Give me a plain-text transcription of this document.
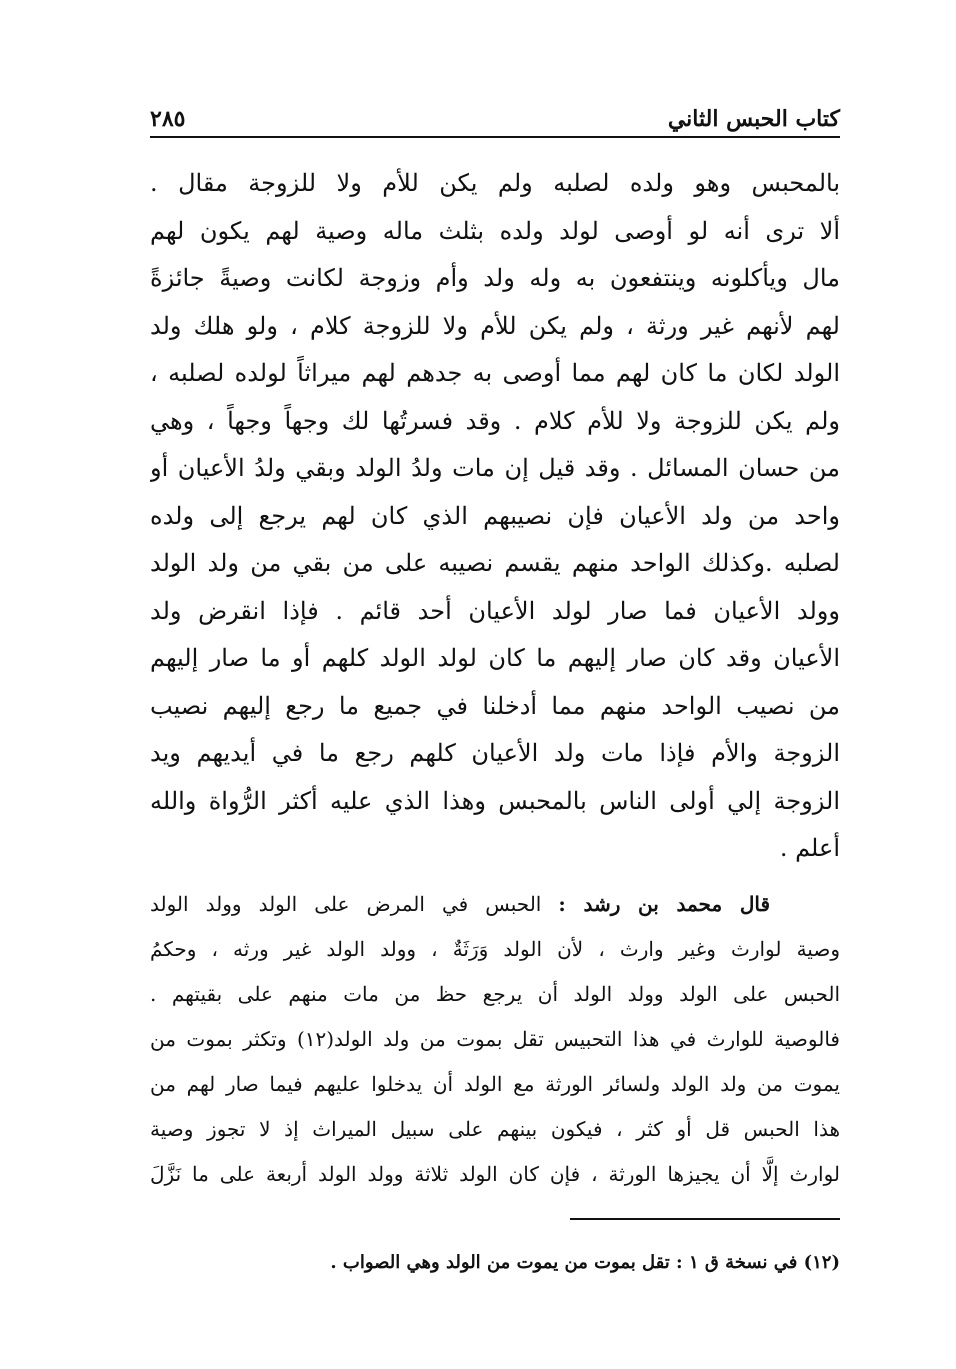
كتاب الحبس الثاني
٢٨٥
بالمحبس وهو ولده لصلبه ولم يكن للأم ولا للزوجة مقال .
ألا ترى أنه لو أوصى لولد ولده بثلث ماله وصية لهم يكون لهم
مال ويأكلونه وينتفعون به وله ولد وأم وزوجة لكانت وصيةً جائزةً
لهم لأنهم غير ورثة ، ولم يكن للأم ولا للزوجة كلام ، ولو هلك ولد
الولد لكان ما كان لهم مما أوصى به جدهم لهم ميراثاً لولده لصلبه ،
ولم يكن للزوجة ولا للأم كلام . وقد فسرتُها لك وجهاً وجهاً ، وهي
من حسان المسائل . وقد قيل إن مات ولدُ الولد وبقي ولدُ الأعيان أو
واحد من ولد الأعيان فإن نصيبهم الذي كان لهم يرجع إلى ولده
لصلبه .وكذلك الواحد منهم يقسم نصيبه على من بقي من ولد الولد
وولد الأعيان فما صار لولد الأعيان أحد قائم . فإذا انقرض ولد
الأعيان وقد كان صار إليهم ما كان لولد الولد كلهم أو ما صار إليهم
من نصيب الواحد منهم مما أدخلنا في جميع ما رجع إليهم نصيب
الزوجة والأم فإذا مات ولد الأعيان كلهم رجع ما في أيديهم ويد
الزوجة إلي أولى الناس بالمحبس وهذا الذي عليه أكثر الرُّواة والله
أعلم .
قال محمد بن رشد : الحبس في المرض على الولد وولد الولد
وصية لوارث وغير وارث ، لأن الولد وَرَثَةٌ ، وولد الولد غير ورثه ، وحكمُ
الحبس على الولد وولد الولد أن يرجع حظ من مات منهم على بقيتهم .
فالوصية للوارث في هذا التحبيس تقل بموت من ولد الولد(١٢) وتكثر بموت من
يموت من ولد الولد ولسائر الورثة مع الولد أن يدخلوا عليهم فيما صار لهم من
هذا الحبس قل أو كثر ، فيكون بينهم على سبيل الميراث إذ لا تجوز وصية
لوارث إلَّا أن يجيزها الورثة ، فإن كان الولد ثلاثة وولد الولد أربعة على ما نَزَّلَ
(١٢) في نسخة ق ١ : تقل بموت من يموت من الولد وهي الصواب .
